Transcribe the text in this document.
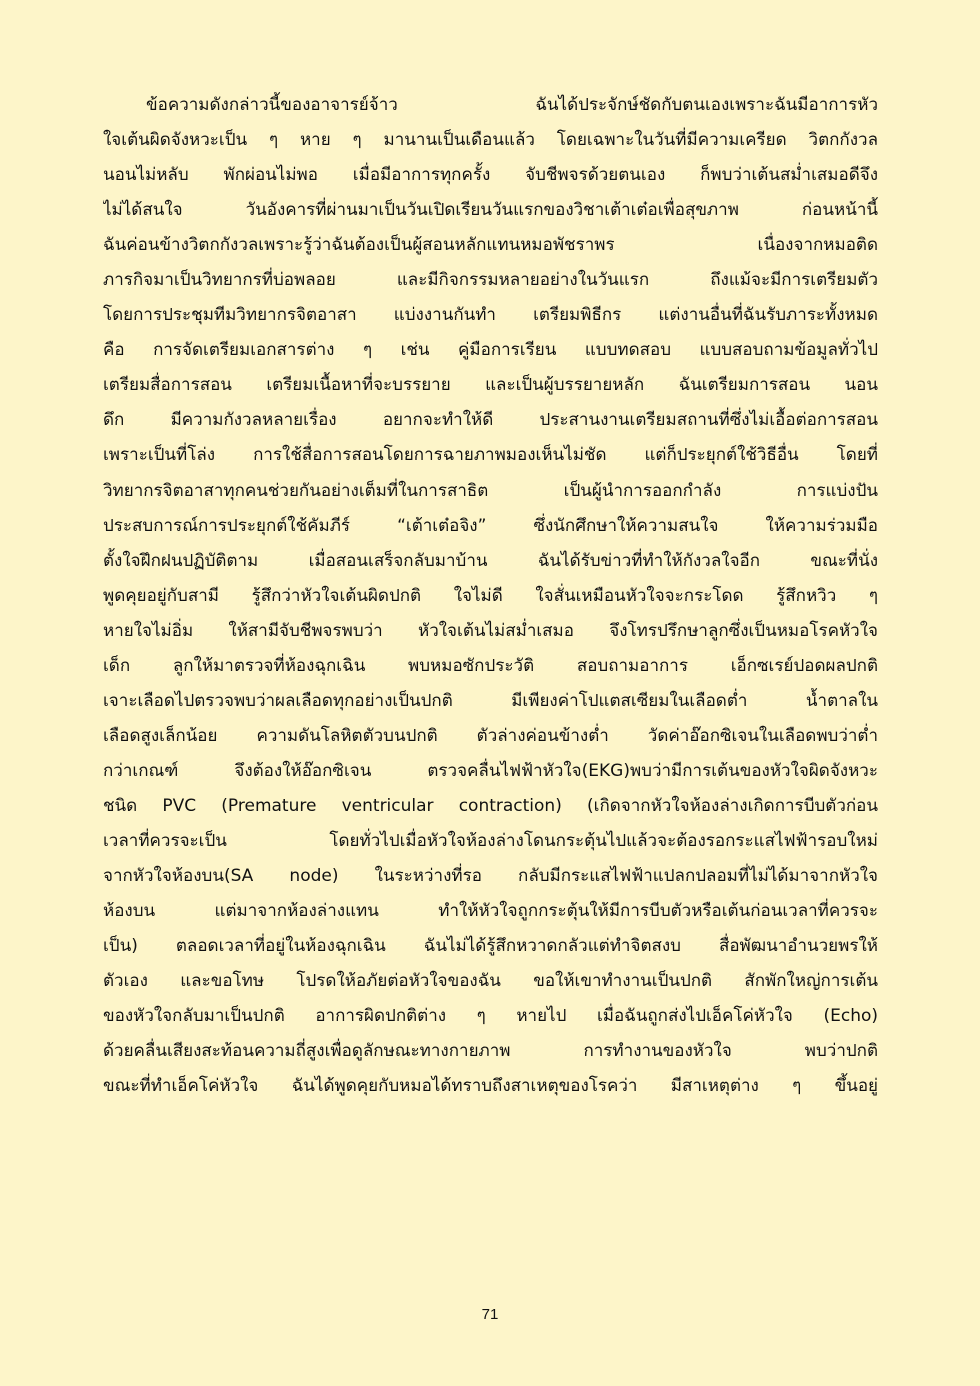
ข้อความดังกล่าวนี้ของอาจารย์จ้าว ฉันได้ประจักษ์ชัดกับตนเองเพราะฉันมีอาการหัว
ใจเต้นผิดจังหวะเป็น ๆ หาย ๆ มานานเป็นเดือนแล้ว โดยเฉพาะในวันที่มีความเครียด วิตกกังวล
นอนไม่หลับ พักผ่อนไม่พอ เมื่อมีอาการทุกครั้ง จับชีพจรด้วยตนเอง ก็พบว่าเต้นสม่ำเสมอดีจึง
ไม่ได้สนใจ วันอังคารที่ผ่านมาเป็นวันเปิดเรียนวันแรกของวิชาเต้าเต๋อเพื่อสุขภาพ ก่อนหน้านี้
ฉันค่อนข้างวิตกกังวลเพราะรู้ว่าฉันต้องเป็นผู้สอนหลักแทนหมอพัชราพร เนื่องจากหมอติด
ภารกิจมาเป็นวิทยากรที่บ่อพลอย และมีกิจกรรมหลายอย่างในวันแรก ถึงแม้จะมีการเตรียมตัว
โดยการประชุมทีมวิทยากรจิตอาสา แบ่งงานกันทำ เตรียมพิธีกร แต่งานอื่นที่ฉันรับภาระทั้งหมด
คือ การจัดเตรียมเอกสารต่าง ๆ เช่น คู่มือการเรียน แบบทดสอบ แบบสอบถามข้อมูลทั่วไป
เตรียมสื่อการสอน เตรียมเนื้อหาที่จะบรรยาย และเป็นผู้บรรยายหลัก ฉันเตรียมการสอน นอน
ดึก มีความกังวลหลายเรื่อง อยากจะทำให้ดี ประสานงานเตรียมสถานที่ซึ่งไม่เอื้อต่อการสอน
เพราะเป็นที่โล่ง การใช้สื่อการสอนโดยการฉายภาพมองเห็นไม่ชัด แต่ก็ประยุกต์ใช้วิธีอื่น โดยที่
วิทยากรจิตอาสาทุกคนช่วยกันอย่างเต็มที่ในการสาธิต เป็นผู้นำการออกกำลัง การแบ่งปัน
ประสบการณ์การประยุกต์ใช้คัมภีร์ “เต้าเต๋อจิง” ซึ่งนักศึกษาให้ความสนใจ ให้ความร่วมมือ
ตั้งใจฝึกฝนปฏิบัติตาม เมื่อสอนเสร็จกลับมาบ้าน ฉันได้รับข่าวที่ทำให้กังวลใจอีก ขณะที่นั่ง
พูดคุยอยู่กับสามี รู้สึกว่าหัวใจเต้นผิดปกติ ใจไม่ดี ใจสั่นเหมือนหัวใจจะกระโดด รู้สึกหวิว ๆ
หายใจไม่อิ่ม ให้สามีจับชีพจรพบว่า หัวใจเต้นไม่สม่ำเสมอ จึงโทรปรึกษาลูกซึ่งเป็นหมอโรคหัวใจ
เด็ก ลูกให้มาตรวจที่ห้องฉุกเฉิน พบหมอซักประวัติ สอบถามอาการ เอ็กซเรย์ปอดผลปกติ
เจาะเลือดไปตรวจพบว่าผลเลือดทุกอย่างเป็นปกติ มีเพียงค่าโปแตสเซียมในเลือดต่ำ น้ำตาลใน
เลือดสูงเล็กน้อย ความดันโลหิตตัวบนปกติ ตัวล่างค่อนข้างต่ำ วัดค่าอ๊อกซิเจนในเลือดพบว่าต่ำ
กว่าเกณฑ์ จึงต้องให้อ๊อกซิเจน ตรวจคลื่นไฟฟ้าหัวใจ(EKG)พบว่ามีการเต้นของหัวใจผิดจังหวะ
ชนิด PVC (Premature ventricular contraction) (เกิดจากหัวใจห้องล่างเกิดการบีบตัวก่อน
เวลาที่ควรจะเป็น โดยทั่วไปเมื่อหัวใจห้องล่างโดนกระตุ้นไปแล้วจะต้องรอกระแสไฟฟ้ารอบใหม่
จากหัวใจห้องบน(SA node) ในระหว่างที่รอ กลับมีกระแสไฟฟ้าแปลกปลอมที่ไม่ได้มาจากหัวใจ
ห้องบน แต่มาจากห้องล่างแทน ทำให้หัวใจถูกกระตุ้นให้มีการบีบตัวหรือเต้นก่อนเวลาที่ควรจะ
เป็น) ตลอดเวลาที่อยู่ในห้องฉุกเฉิน ฉันไม่ได้รู้สึกหวาดกลัวแต่ทำจิตสงบ สื่อพัฒนาอำนวยพรให้
ตัวเอง และขอโทษ โปรดให้อภัยต่อหัวใจของฉัน ขอให้เขาทำงานเป็นปกติ สักพักใหญ่การเต้น
ของหัวใจกลับมาเป็นปกติ อาการผิดปกติต่าง ๆ หายไป เมื่อฉันถูกส่งไปเอ็คโค่หัวใจ (Echo)
ด้วยคลื่นเสียงสะท้อนความถี่สูงเพื่อดูลักษณะทางกายภาพ การทำงานของหัวใจ พบว่าปกติ
ขณะที่ทำเอ็คโค่หัวใจ ฉันได้พูดคุยกับหมอได้ทราบถึงสาเหตุของโรคว่า มีสาเหตุต่าง ๆ ขึ้นอยู่
71
